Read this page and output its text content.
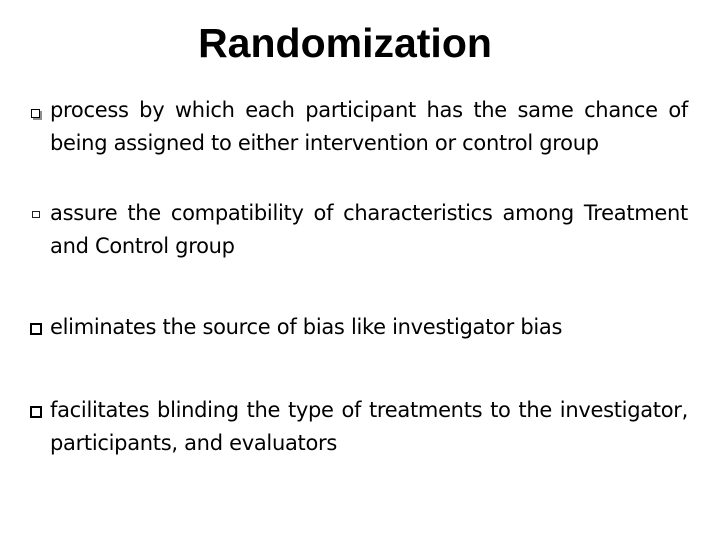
Randomization

process by which each participant has the same chance of being assigned to either intervention or control group

assure the compatibility of characteristics among Treatment and Control group

eliminates the source of bias like investigator bias

facilitates blinding the type of treatments to the investigator, participants, and evaluators
